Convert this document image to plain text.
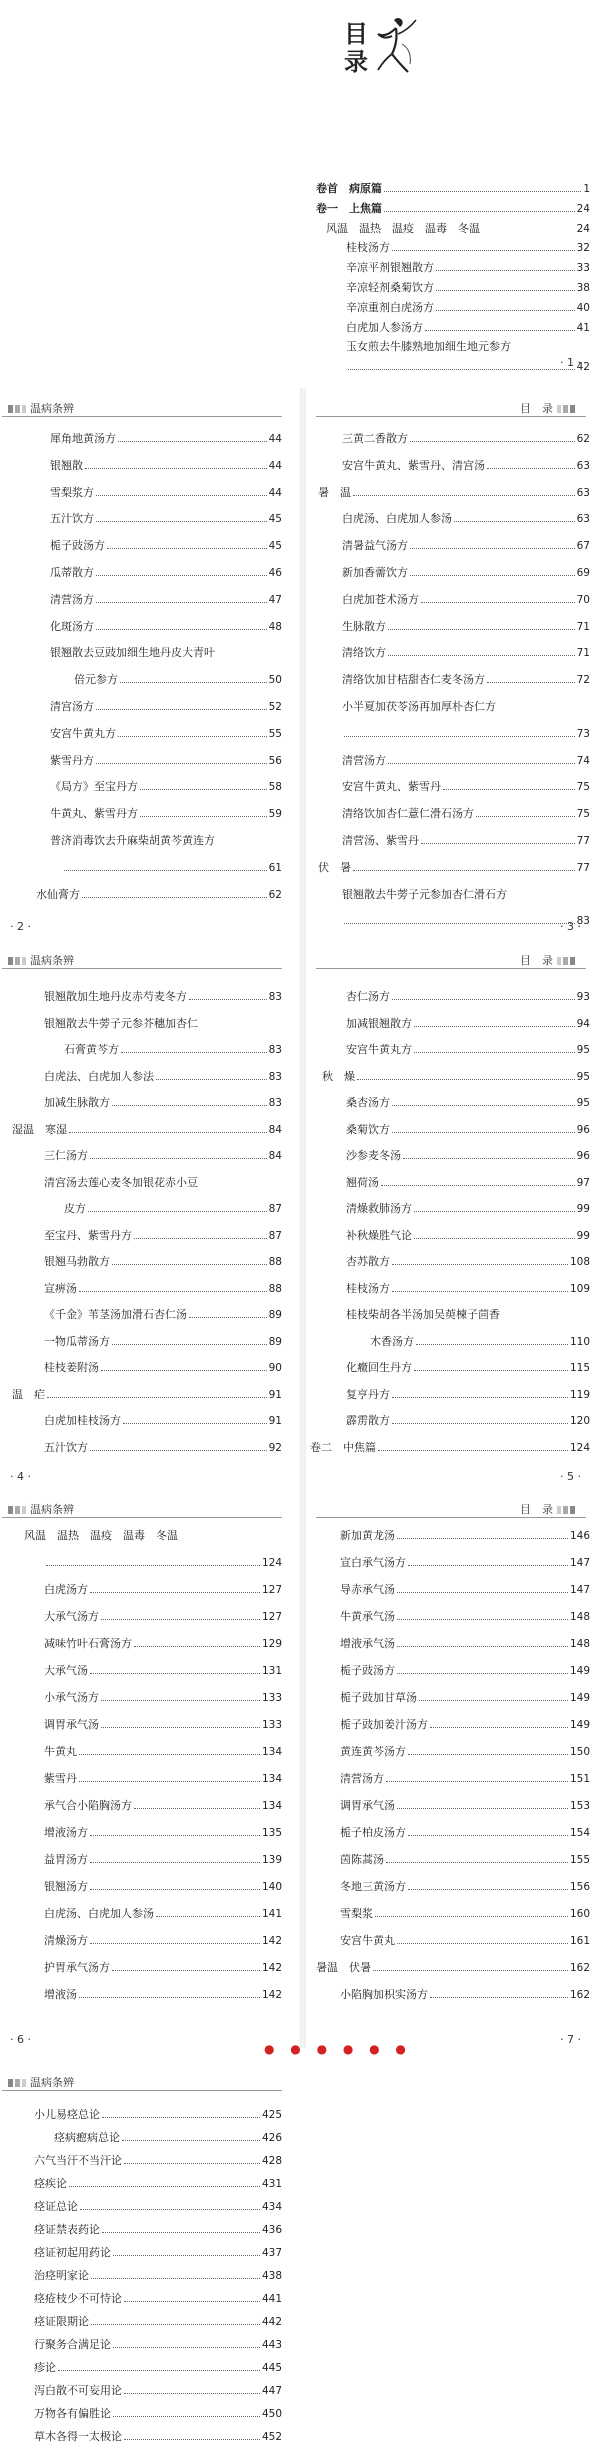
目
录
卷首　病原篇	1
卷一　上焦篇	24
风温　温热　温疫　温毒　冬温	24
桂枝汤方	32
辛凉平剂银翘散方	33
辛凉轻剂桑菊饮方	38
辛凉重剂白虎汤方	40
白虎加人参汤方	41
玉女煎去牛膝熟地加细生地元参方
42
· 1 ·
温病条辨
犀角地黄汤方	44
银翘散	44
雪梨浆方	44
五汁饮方	45
栀子豉汤方	45
瓜蒂散方	46
清营汤方	47
化斑汤方	48
银翘散去豆豉加细生地丹皮大青叶
倍元参方	50
清宫汤方	52
安宫牛黄丸方	55
紫雪丹方	56
《局方》至宝丹方	58
牛黄丸、紫雪丹方	59
普济消毒饮去升麻柴胡黄芩黄连方
61
水仙膏方	62
· 2 ·
目　录
三黄二香散方	62
安宫牛黄丸、紫雪丹、清宫汤	63
暑　温	63
白虎汤、白虎加人参汤	63
清暑益气汤方	67
新加香薷饮方	69
白虎加苍术汤方	70
生脉散方	71
清络饮方	71
清络饮加甘桔甜杏仁麦冬汤方	72
小半夏加茯苓汤再加厚朴杏仁方
73
清营汤方	74
安宫牛黄丸、紫雪丹	75
清络饮加杏仁薏仁滑石汤方	75
清营汤、紫雪丹	77
伏　暑	77
银翘散去牛蒡子元参加杏仁滑石方
83
· 3 ·
温病条辨
银翘散加生地丹皮赤芍麦冬方	83
银翘散去牛蒡子元参芥穗加杏仁
石膏黄芩方	83
白虎法、白虎加人参法	83
加减生脉散方	83
湿温　寒湿	84
三仁汤方	84
清宫汤去莲心麦冬加银花赤小豆
皮方	87
至宝丹、紫雪丹方	87
银翘马勃散方	88
宣痹汤	88
《千金》苇茎汤加滑石杏仁汤	89
一物瓜蒂汤方	89
桂枝姜附汤	90
温　疟	91
白虎加桂枝汤方	91
五汁饮方	92
· 4 ·
目　录
杏仁汤方	93
加减银翘散方	94
安宫牛黄丸方	95
秋　燥	95
桑杏汤方	95
桑菊饮方	96
沙参麦冬汤	96
翘荷汤	97
清燥救肺汤方	99
补秋燥胜气论	99
杏苏散方	108
桂枝汤方	109
桂枝柴胡各半汤加吴萸楝子茴香
木香汤方	110
化癥回生丹方	115
复亨丹方	119
霹雳散方	120
卷二　中焦篇	124
· 5 ·
温病条辨
风温　温热　温疫　温毒　冬温
124
白虎汤方	127
大承气汤方	127
减味竹叶石膏汤方	129
大承气汤	131
小承气汤方	133
调胃承气汤	133
牛黄丸	134
紫雪丹	134
承气合小陷胸汤方	134
增液汤方	135
益胃汤方	139
银翘汤方	140
白虎汤、白虎加人参汤	141
清燥汤方	142
护胃承气汤方	142
增液汤	142
· 6 ·
目　录
新加黄龙汤	146
宣白承气汤方	147
导赤承气汤	147
牛黄承气汤	148
增液承气汤	148
栀子豉汤方	149
栀子豉加甘草汤	149
栀子豉加姜汁汤方	149
黄连黄芩汤方	150
清营汤方	151
调胃承气汤	153
栀子柏皮汤方	154
茵陈蒿汤	155
冬地三黄汤方	156
雪梨浆	160
安宫牛黄丸	161
暑温　伏暑	162
小陷胸加枳实汤方	162
· 7 ·
● ● ● ● ● ●
温病条辨
小儿易痉总论	425
痉病瘛病总论	426
六气当汗不当汗论	428
痉疾论	431
痉证总论	434
痉证禁表药论	436
痉证初起用药论	437
治痉明家论	438
痉疮枝少不可恃论	441
痉证限期论	442
行聚务合满足论	443
疹论	445
泻白散不可妄用论	447
万物各有偏胜论	450
草木各得一太极论	452
